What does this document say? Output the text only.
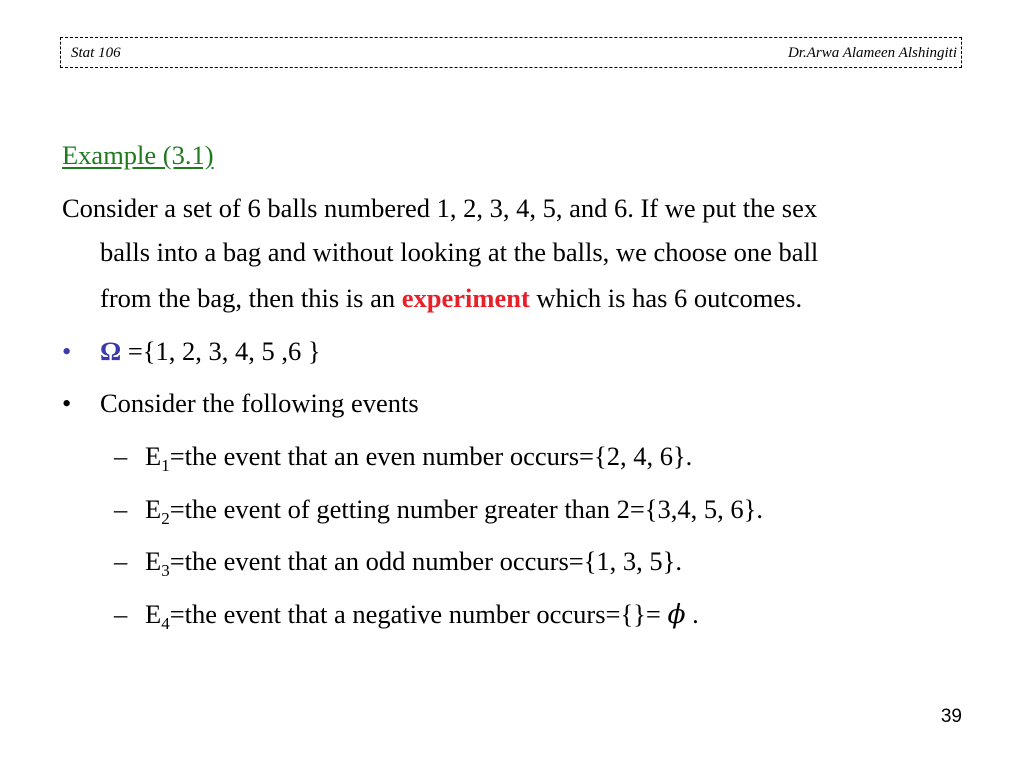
Stat 106	Dr.Arwa Alameen Alshingiti
Example (3.1)
Consider a set of 6 balls numbered 1, 2, 3, 4, 5, and 6. If we put the sex
balls into a bag and without looking at the balls, we choose one ball
from the bag, then this is an experiment which is has 6 outcomes.
• Ω ={1, 2, 3, 4, 5 ,6 }
• Consider the following events
– $E_1=the$ event that an even number occurs={2, 4, 6}.
– $E_2=the$ event of getting number greater than 2={3,4, 5, 6}.
– $E_3=the$ event that an odd number occurs={1, 3, 5}.
– $E_4=the$ event that a negative number occurs={}= ϕ .
39
